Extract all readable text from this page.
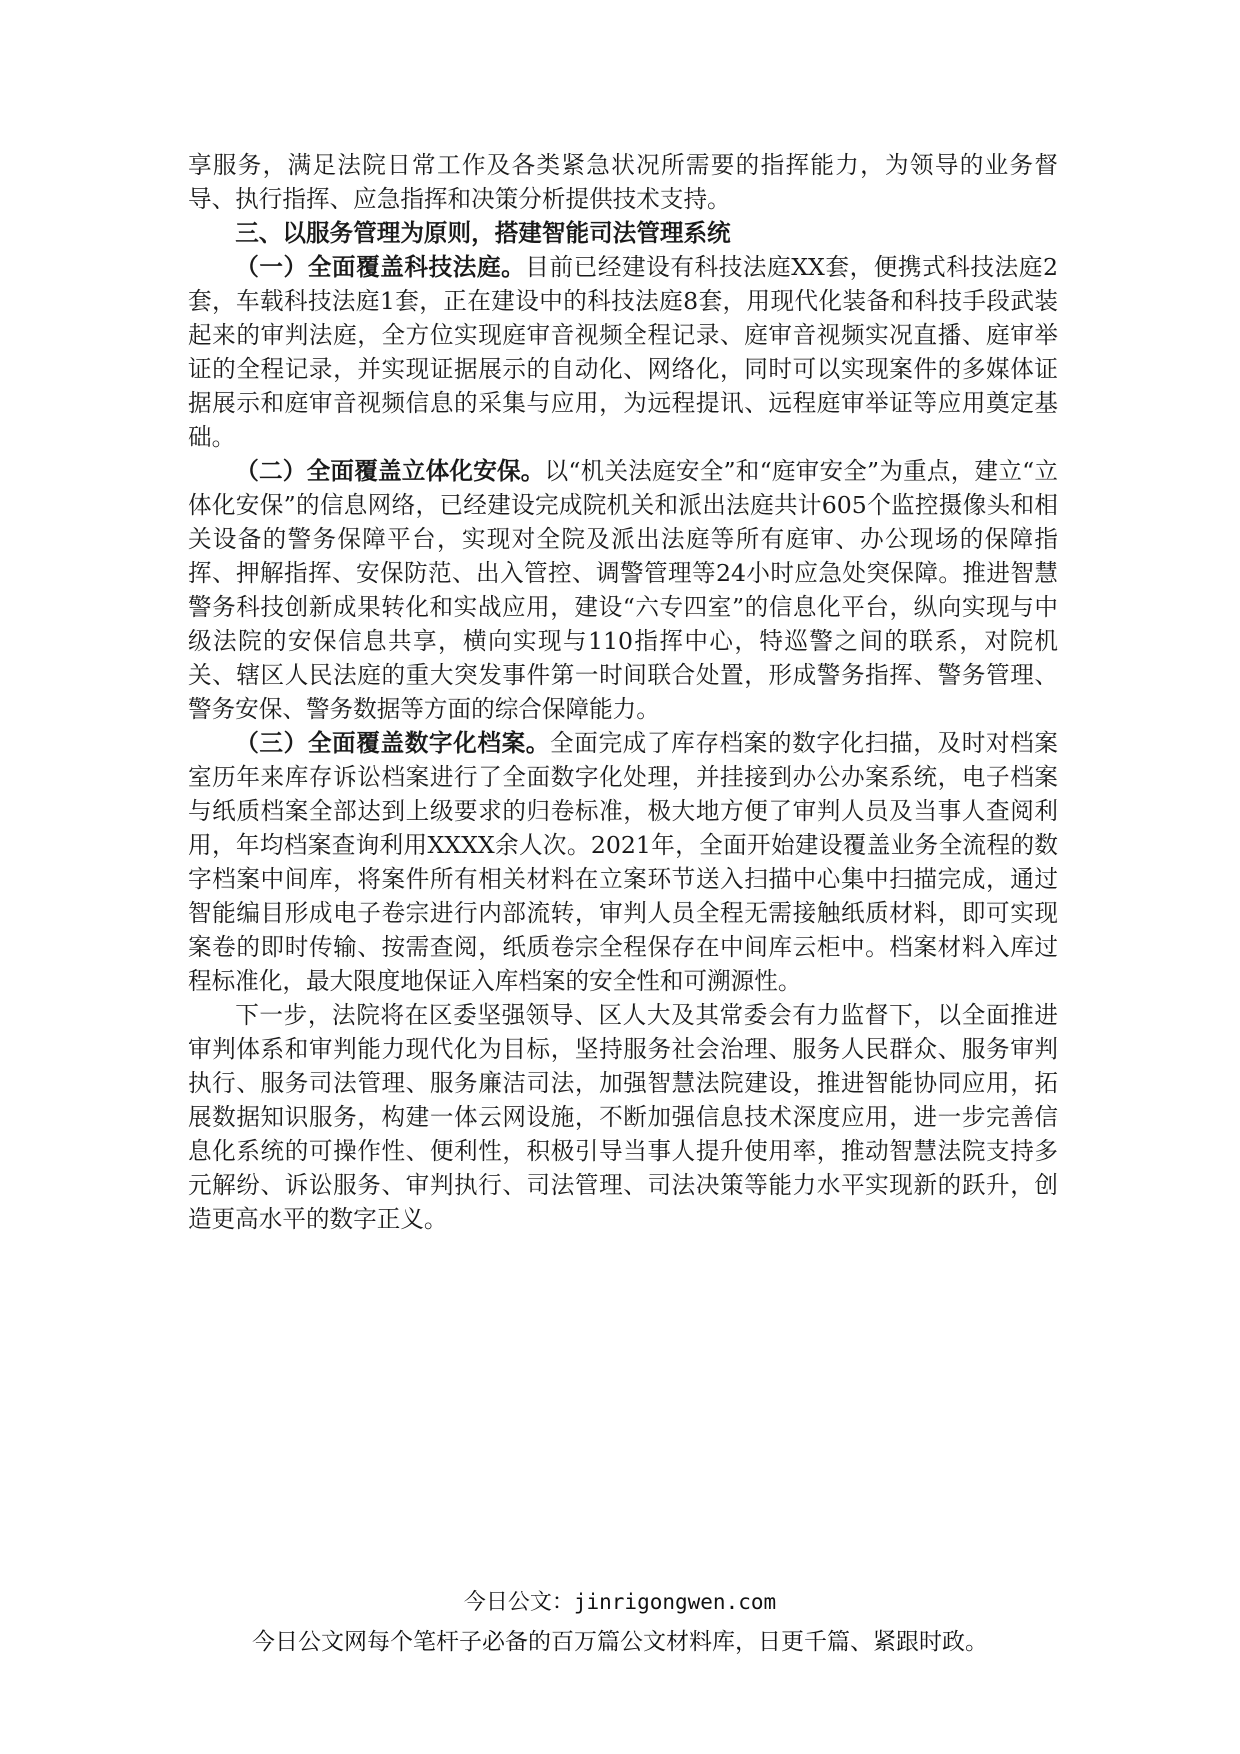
享服务，满足法院日常工作及各类紧急状况所需要的指挥能力，为领导的业务督导、执行指挥、应急指挥和决策分析提供技术支持。

三、以服务管理为原则，搭建智能司法管理系统

（一）全面覆盖科技法庭。目前已经建设有科技法庭XX套，便携式科技法庭2套，车载科技法庭1套，正在建设中的科技法庭8套，用现代化装备和科技手段武装起来的审判法庭，全方位实现庭审音视频全程记录、庭审音视频实况直播、庭审举证的全程记录，并实现证据展示的自动化、网络化，同时可以实现案件的多媒体证据展示和庭审音视频信息的采集与应用，为远程提讯、远程庭审举证等应用奠定基础。

（二）全面覆盖立体化安保。以“机关法庭安全”和“庭审安全”为重点，建立“立体化安保”的信息网络，已经建设完成院机关和派出法庭共计605个监控摄像头和相关设备的警务保障平台，实现对全院及派出法庭等所有庭审、办公现场的保障指挥、押解指挥、安保防范、出入管控、调警管理等24小时应急处突保障。推进智慧警务科技创新成果转化和实战应用，建设“六专四室”的信息化平台，纵向实现与中级法院的安保信息共享，横向实现与110指挥中心，特巡警之间的联系，对院机关、辖区人民法庭的重大突发事件第一时间联合处置，形成警务指挥、警务管理、警务安保、警务数据等方面的综合保障能力。

（三）全面覆盖数字化档案。全面完成了库存档案的数字化扫描，及时对档案室历年来库存诉讼档案进行了全面数字化处理，并挂接到办公办案系统，电子档案与纸质档案全部达到上级要求的归卷标准，极大地方便了审判人员及当事人查阅利用，年均档案查询利用XXXX余人次。2021年，全面开始建设覆盖业务全流程的数字档案中间库，将案件所有相关材料在立案环节送入扫描中心集中扫描完成，通过智能编目形成电子卷宗进行内部流转，审判人员全程无需接触纸质材料，即可实现案卷的即时传输、按需查阅，纸质卷宗全程保存在中间库云柜中。档案材料入库过程标准化，最大限度地保证入库档案的安全性和可溯源性。

下一步，法院将在区委坚强领导、区人大及其常委会有力监督下，以全面推进审判体系和审判能力现代化为目标，坚持服务社会治理、服务人民群众、服务审判执行、服务司法管理、服务廉洁司法，加强智慧法院建设，推进智能协同应用，拓展数据知识服务，构建一体云网设施，不断加强信息技术深度应用，进一步完善信息化系统的可操作性、便利性，积极引导当事人提升使用率，推动智慧法院支持多元解纷、诉讼服务、审判执行、司法管理、司法决策等能力水平实现新的跃升，创造更高水平的数字正义。

今日公文：jinrigongwen.com
今日公文网每个笔杆子必备的百万篇公文材料库，日更千篇、紧跟时政。
